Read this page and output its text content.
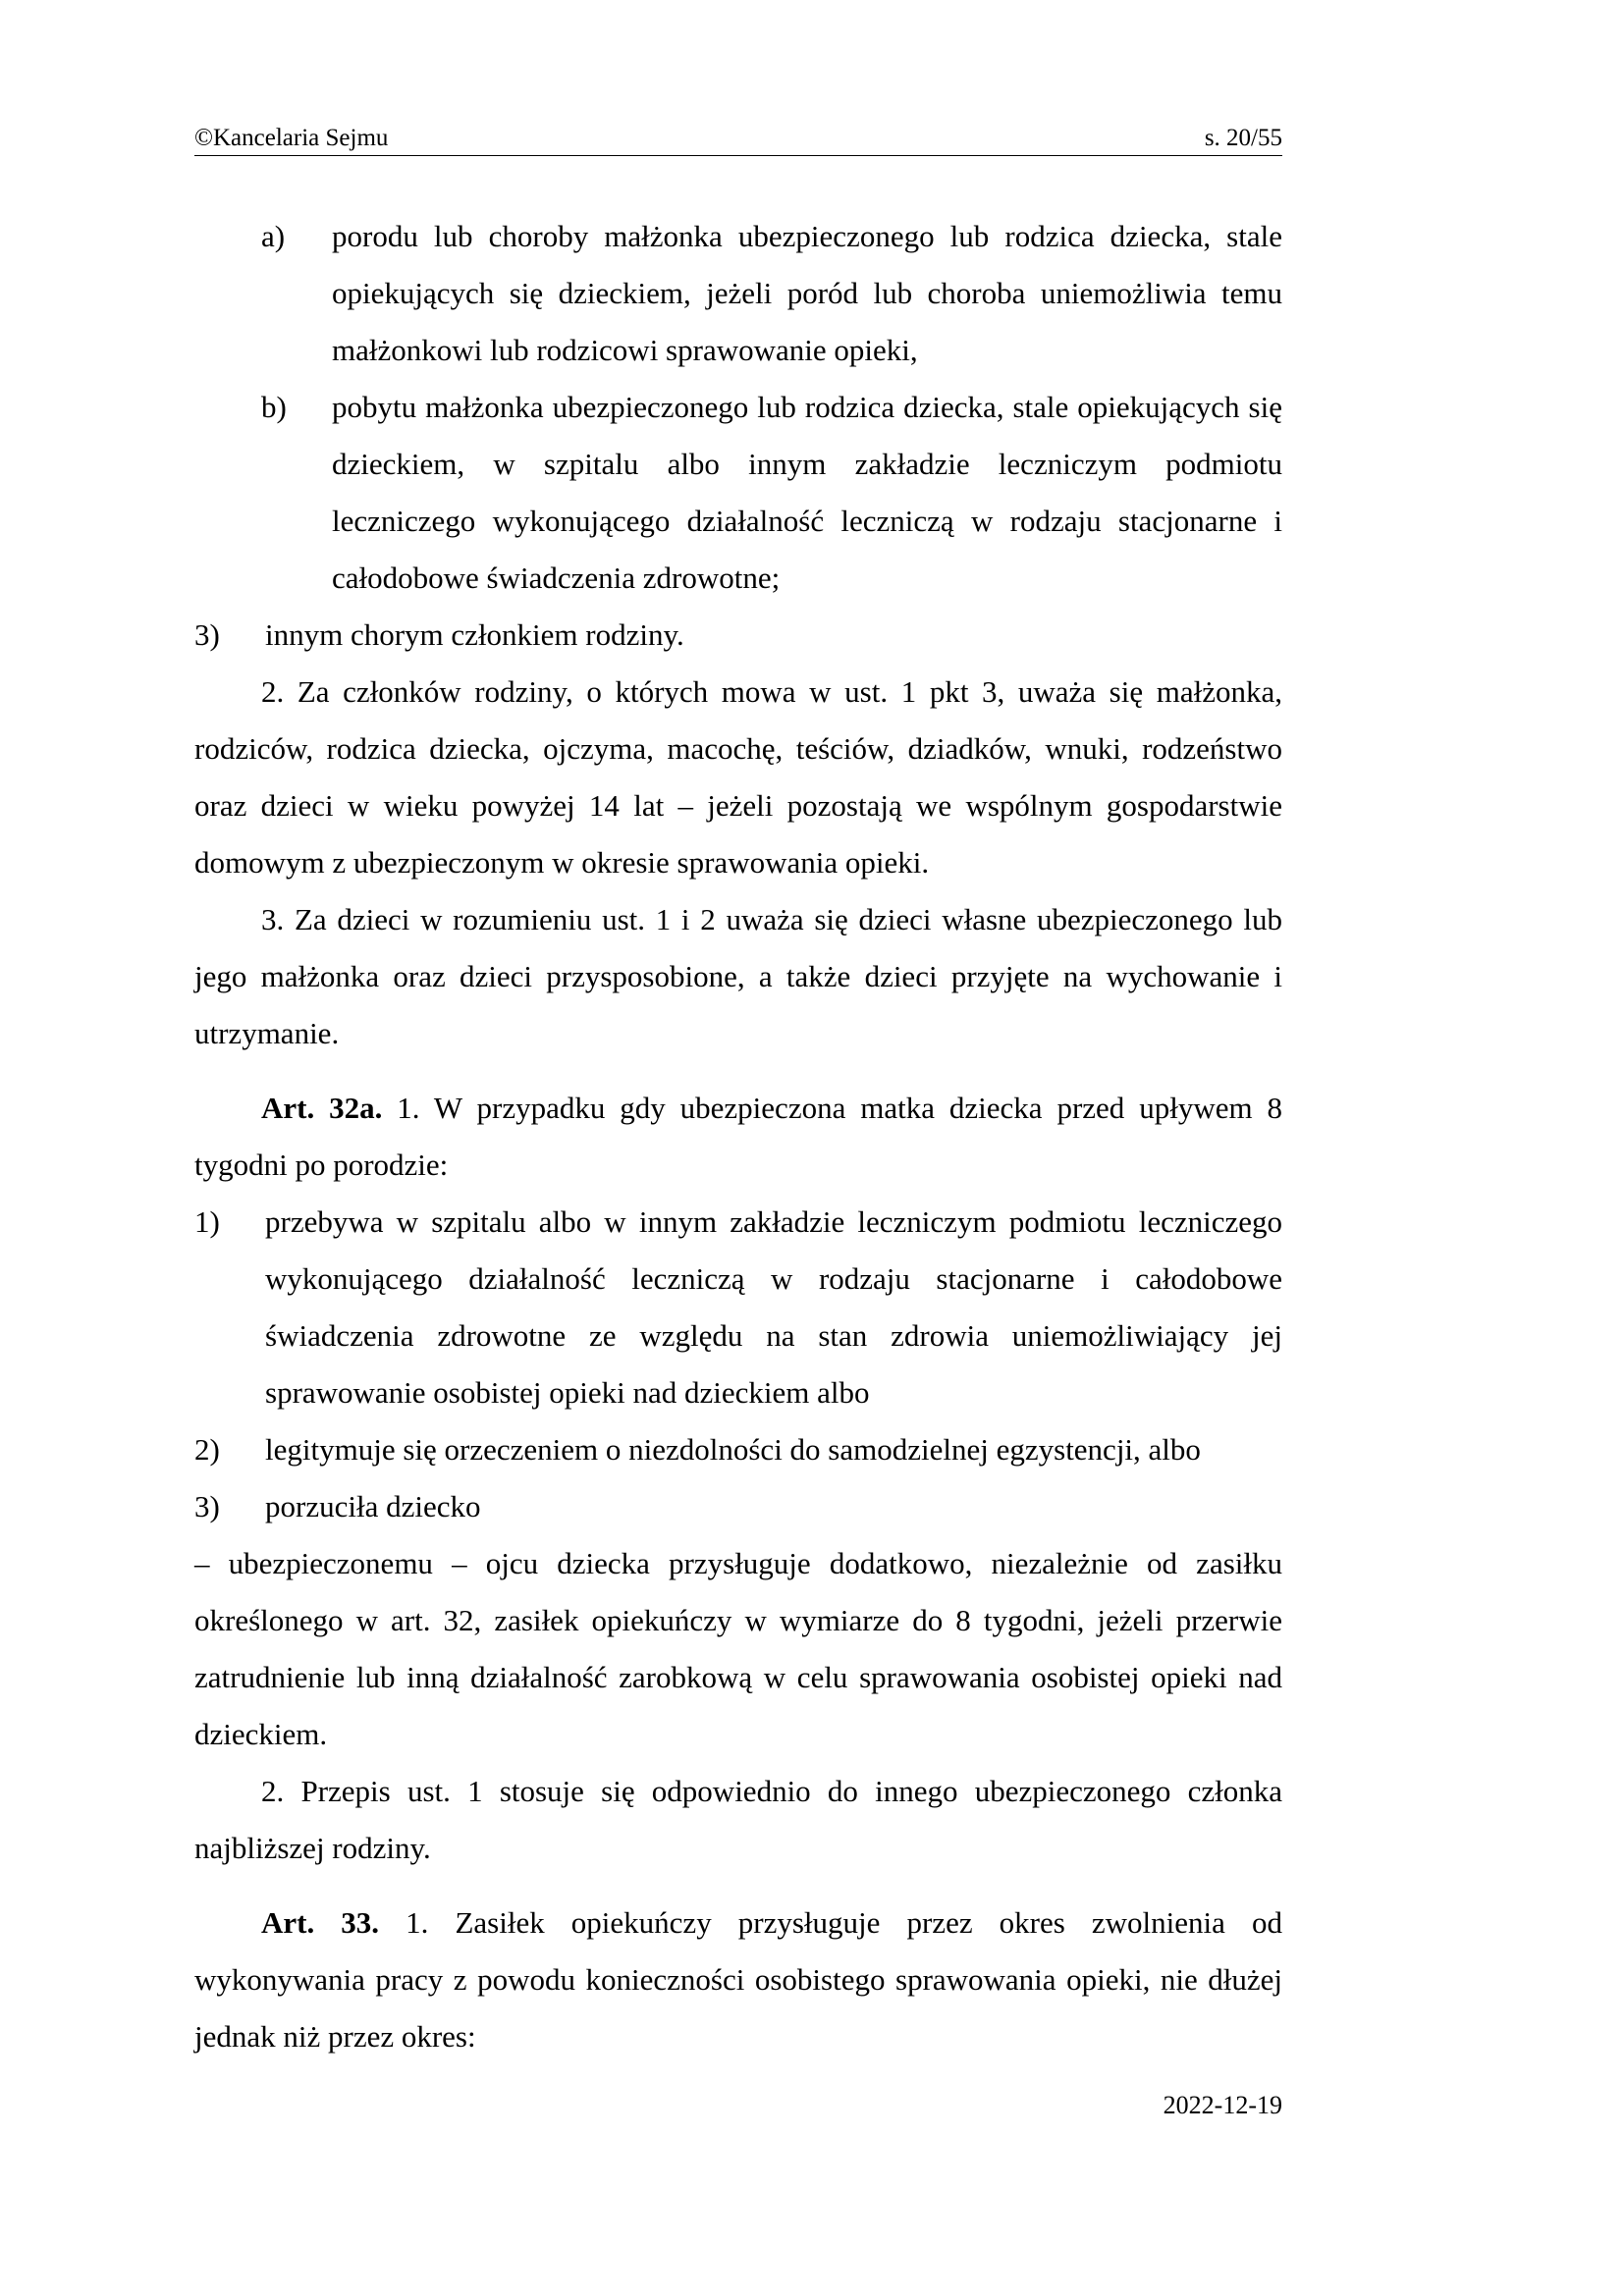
©Kancelaria Sejmu	s. 20/55
a)	porodu lub choroby małżonka ubezpieczonego lub rodzica dziecka, stale opiekujących się dzieckiem, jeżeli poród lub choroba uniemożliwia temu małżonkowi lub rodzicowi sprawowanie opieki,
b)	pobytu małżonka ubezpieczonego lub rodzica dziecka, stale opiekujących się dzieckiem, w szpitalu albo innym zakładzie leczniczym podmiotu leczniczego wykonującego działalność leczniczą w rodzaju stacjonarne i całodobowe świadczenia zdrowotne;
3)	innym chorym członkiem rodziny.

2. Za członków rodziny, o których mowa w ust. 1 pkt 3, uważa się małżonka, rodziców, rodzica dziecka, ojczyma, macochę, teściów, dziadków, wnuki, rodzeństwo oraz dzieci w wieku powyżej 14 lat – jeżeli pozostają we wspólnym gospodarstwie domowym z ubezpieczonym w okresie sprawowania opieki.

3. Za dzieci w rozumieniu ust. 1 i 2 uważa się dzieci własne ubezpieczonego lub jego małżonka oraz dzieci przysposobione, a także dzieci przyjęte na wychowanie i utrzymanie.

Art. 32a. 1. W przypadku gdy ubezpieczona matka dziecka przed upływem 8 tygodni po porodzie:

1)	przebywa w szpitalu albo w innym zakładzie leczniczym podmiotu leczniczego wykonującego działalność leczniczą w rodzaju stacjonarne i całodobowe świadczenia zdrowotne ze względu na stan zdrowia uniemożliwiający jej sprawowanie osobistej opieki nad dzieckiem albo
2)	legitymuje się orzeczeniem o niezdolności do samodzielnej egzystencji, albo
3)	porzuciła dziecko

– ubezpieczonemu – ojcu dziecka przysługuje dodatkowo, niezależnie od zasiłku określonego w art. 32, zasiłek opiekuńczy w wymiarze do 8 tygodni, jeżeli przerwie zatrudnienie lub inną działalność zarobkową w celu sprawowania osobistej opieki nad dzieckiem.

2. Przepis ust. 1 stosuje się odpowiednio do innego ubezpieczonego członka najbliższej rodziny.

Art. 33. 1. Zasiłek opiekuńczy przysługuje przez okres zwolnienia od wykonywania pracy z powodu konieczności osobistego sprawowania opieki, nie dłużej jednak niż przez okres:

2022-12-19
